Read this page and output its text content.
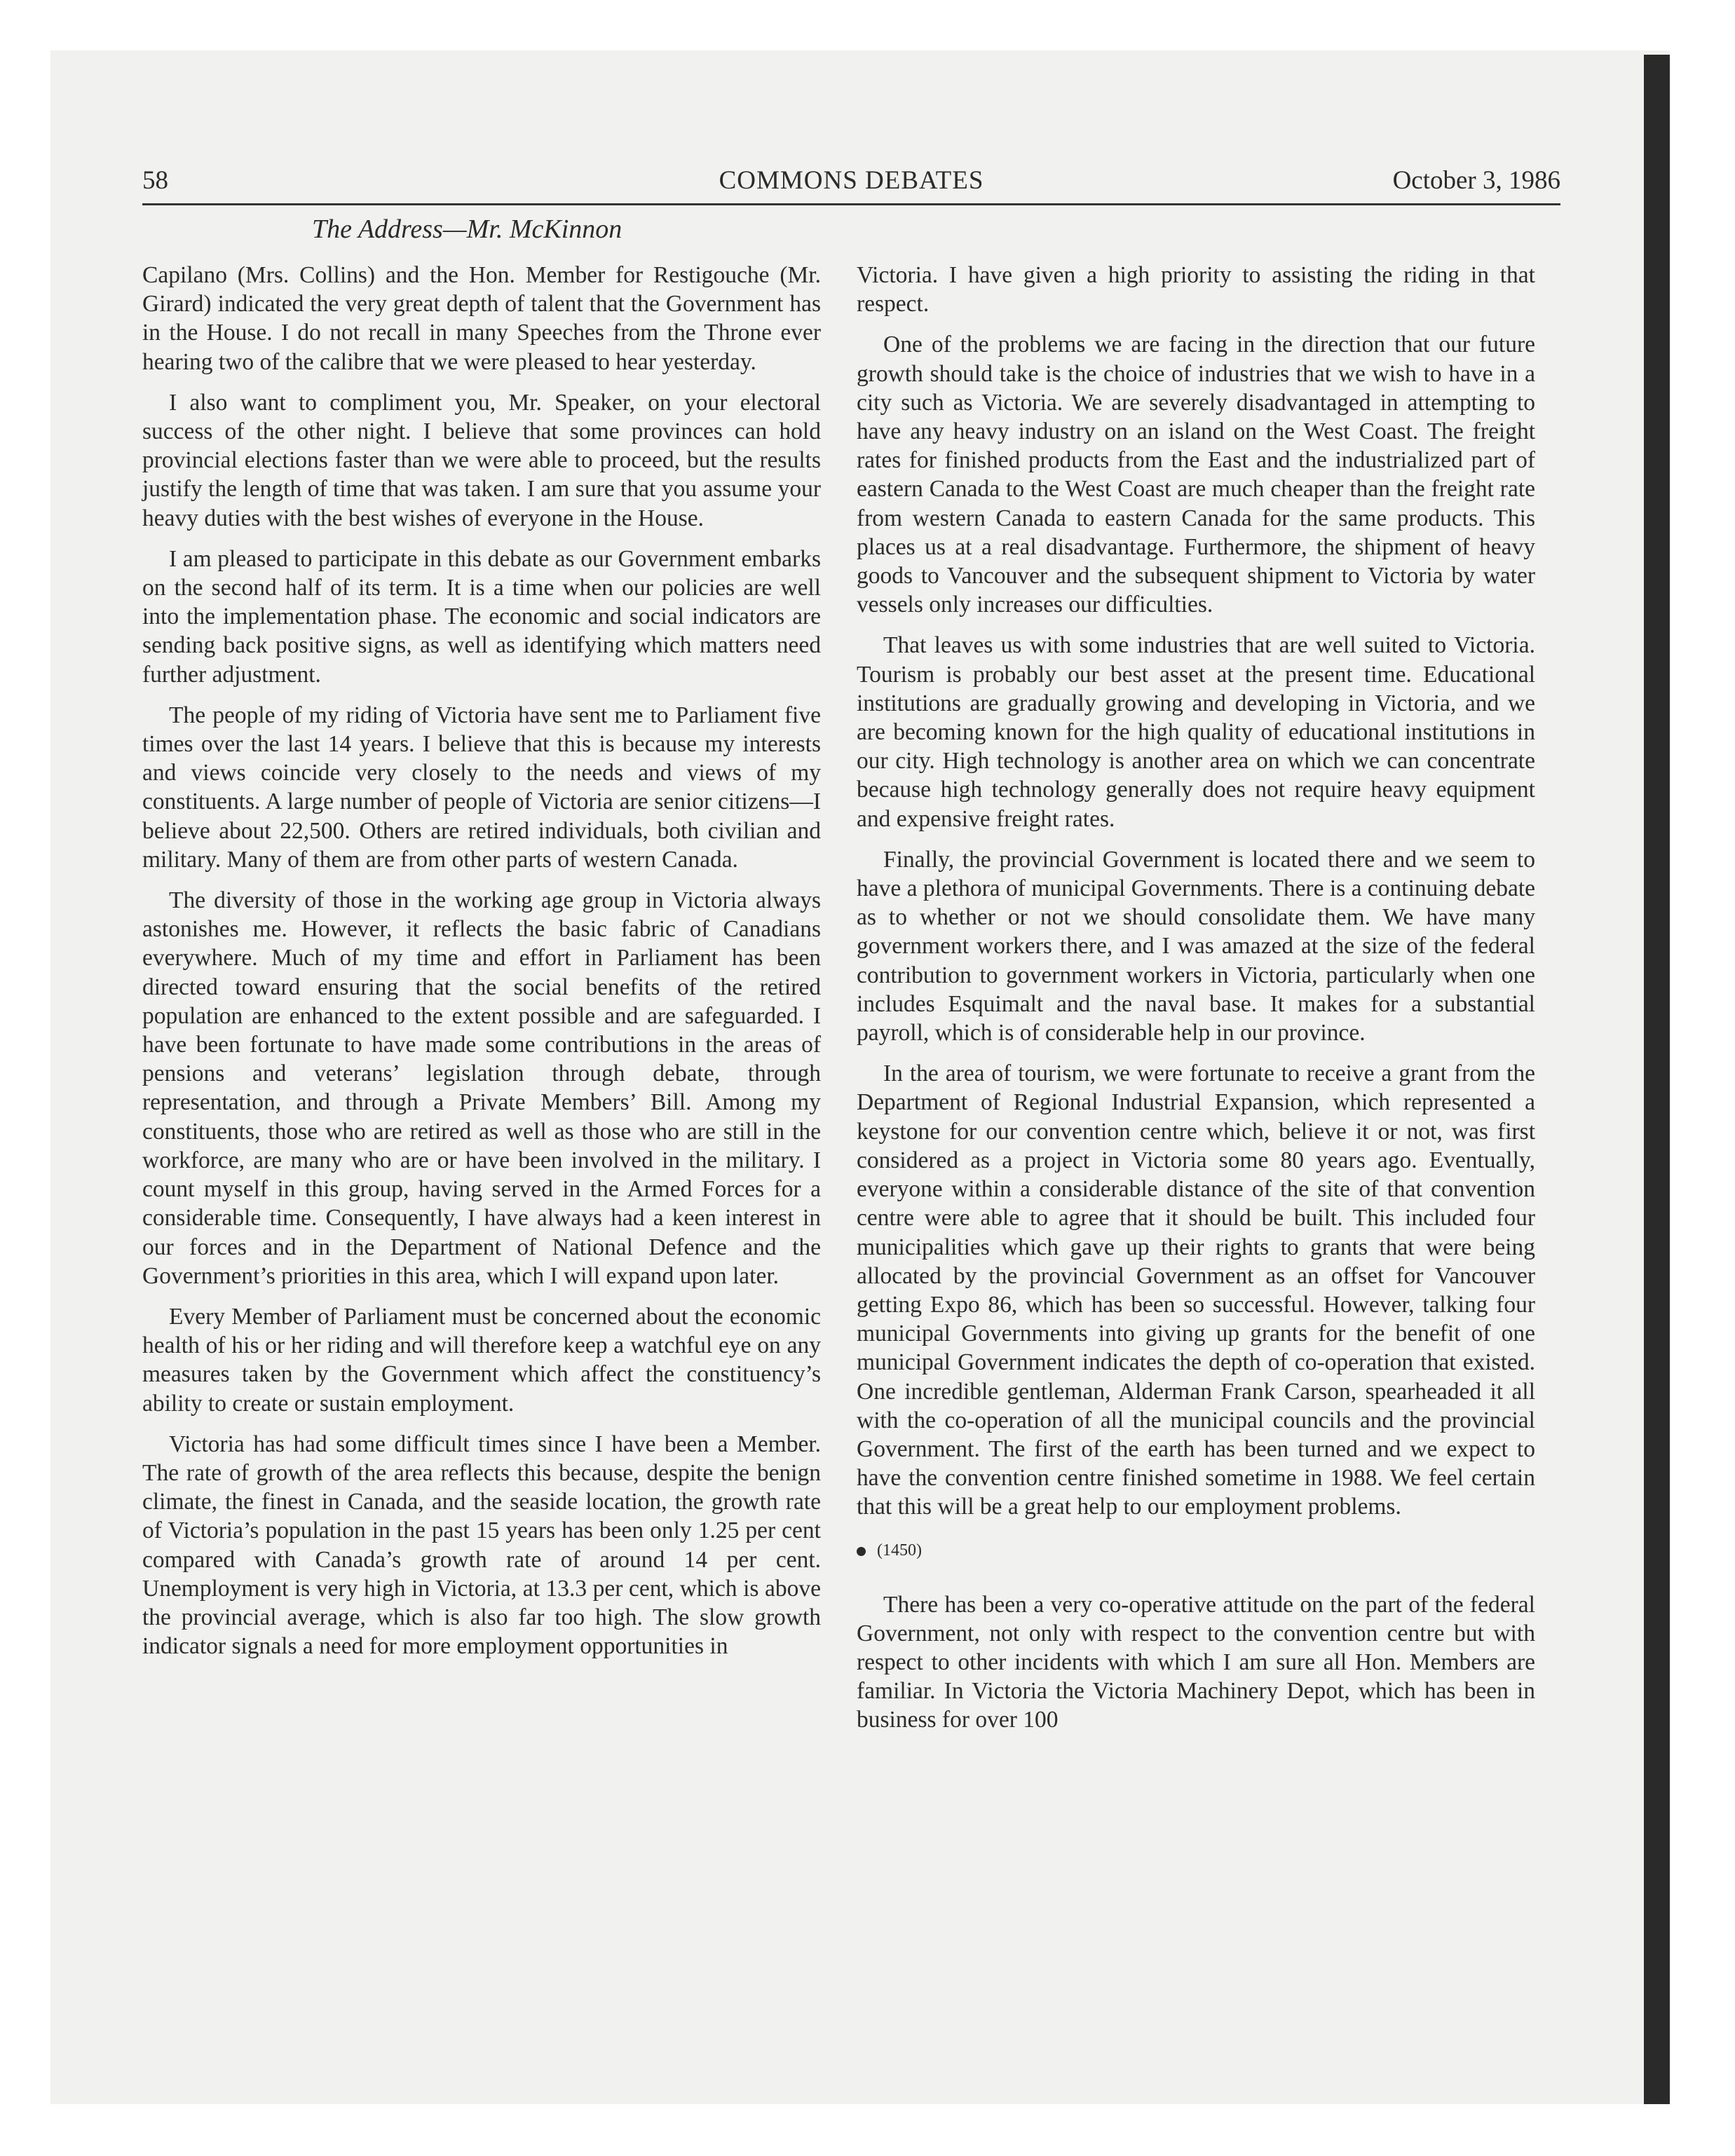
58	COMMONS DEBATES	October 3, 1986
The Address—Mr. McKinnon

Capilano (Mrs. Collins) and the Hon. Member for Restigouche (Mr. Girard) indicated the very great depth of talent that the Government has in the House. I do not recall in many Speeches from the Throne ever hearing two of the calibre that we were pleased to hear yesterday.

I also want to compliment you, Mr. Speaker, on your electoral success of the other night. I believe that some provinces can hold provincial elections faster than we were able to proceed, but the results justify the length of time that was taken. I am sure that you assume your heavy duties with the best wishes of everyone in the House.

I am pleased to participate in this debate as our Government embarks on the second half of its term. It is a time when our policies are well into the implementation phase. The economic and social indicators are sending back positive signs, as well as identifying which matters need further adjustment.

The people of my riding of Victoria have sent me to Parliament five times over the last 14 years. I believe that this is because my interests and views coincide very closely to the needs and views of my constituents. A large number of people of Victoria are senior citizens—I believe about 22,500. Others are retired individuals, both civilian and military. Many of them are from other parts of western Canada.

The diversity of those in the working age group in Victoria always astonishes me. However, it reflects the basic fabric of Canadians everywhere. Much of my time and effort in Parliament has been directed toward ensuring that the social benefits of the retired population are enhanced to the extent possible and are safeguarded. I have been fortunate to have made some contributions in the areas of pensions and veterans’ legislation through debate, through representation, and through a Private Members’ Bill. Among my constituents, those who are retired as well as those who are still in the workforce, are many who are or have been involved in the military. I count myself in this group, having served in the Armed Forces for a considerable time. Consequently, I have always had a keen interest in our forces and in the Department of National Defence and the Government’s priorities in this area, which I will expand upon later.

Every Member of Parliament must be concerned about the economic health of his or her riding and will therefore keep a watchful eye on any measures taken by the Government which affect the constituency’s ability to create or sustain employment.

Victoria has had some difficult times since I have been a Member. The rate of growth of the area reflects this because, despite the benign climate, the finest in Canada, and the seaside location, the growth rate of Victoria’s population in the past 15 years has been only 1.25 per cent compared with Canada’s growth rate of around 14 per cent. Unemployment is very high in Victoria, at 13.3 per cent, which is above the provincial average, which is also far too high. The slow growth indicator signals a need for more employment opportunities in

Victoria. I have given a high priority to assisting the riding in that respect.

One of the problems we are facing in the direction that our future growth should take is the choice of industries that we wish to have in a city such as Victoria. We are severely disadvantaged in attempting to have any heavy industry on an island on the West Coast. The freight rates for finished products from the East and the industrialized part of eastern Canada to the West Coast are much cheaper than the freight rate from western Canada to eastern Canada for the same products. This places us at a real disadvantage. Furthermore, the shipment of heavy goods to Vancouver and the subsequent shipment to Victoria by water vessels only increases our difficulties.

That leaves us with some industries that are well suited to Victoria. Tourism is probably our best asset at the present time. Educational institutions are gradually growing and developing in Victoria, and we are becoming known for the high quality of educational institutions in our city. High technology is another area on which we can concentrate because high technology generally does not require heavy equipment and expensive freight rates.

Finally, the provincial Government is located there and we seem to have a plethora of municipal Governments. There is a continuing debate as to whether or not we should consolidate them. We have many government workers there, and I was amazed at the size of the federal contribution to government workers in Victoria, particularly when one includes Esquimalt and the naval base. It makes for a substantial payroll, which is of considerable help in our province.

In the area of tourism, we were fortunate to receive a grant from the Department of Regional Industrial Expansion, which represented a keystone for our convention centre which, believe it or not, was first considered as a project in Victoria some 80 years ago. Eventually, everyone within a considerable distance of the site of that convention centre were able to agree that it should be built. This included four municipalities which gave up their rights to grants that were being allocated by the provincial Government as an offset for Vancouver getting Expo 86, which has been so successful. However, talking four municipal Governments into giving up grants for the benefit of one municipal Government indicates the depth of co-operation that existed. One incredible gentleman, Alderman Frank Carson, spearheaded it all with the co-operation of all the municipal councils and the provincial Government. The first of the earth has been turned and we expect to have the convention centre finished sometime in 1988. We feel certain that this will be a great help to our employment problems.

(1450)

There has been a very co-operative attitude on the part of the federal Government, not only with respect to the convention centre but with respect to other incidents with which I am sure all Hon. Members are familiar. In Victoria the Victoria Machinery Depot, which has been in business for over 100
